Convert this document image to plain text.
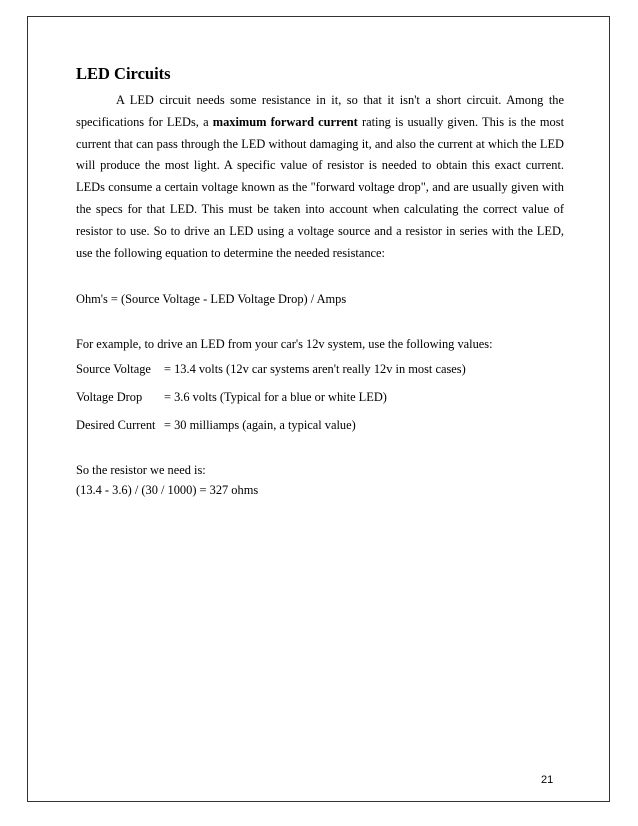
LED Circuits

A LED circuit needs some resistance in it, so that it isn't a short circuit. Among the specifications for LEDs, a maximum forward current rating is usually given. This is the most current that can pass through the LED without damaging it, and also the current at which the LED will produce the most light. A specific value of resistor is needed to obtain this exact current. LEDs consume a certain voltage known as the "forward voltage drop", and are usually given with the specs for that LED. This must be taken into account when calculating the correct value of resistor to use. So to drive an LED using a voltage source and a resistor in series with the LED, use the following equation to determine the needed resistance:

Ohm's = (Source Voltage - LED Voltage Drop) / Amps

For example, to drive an LED from your car's 12v system, use the following values:

Source Voltage	= 13.4 volts (12v car systems aren't really 12v in most cases)
Voltage Drop	= 3.6 volts (Typical for a blue or white LED)
Desired Current = 30 milliamps (again, a typical value)

So the resistor we need is:

(13.4 - 3.6) / (30 / 1000) = 327 ohms

21
